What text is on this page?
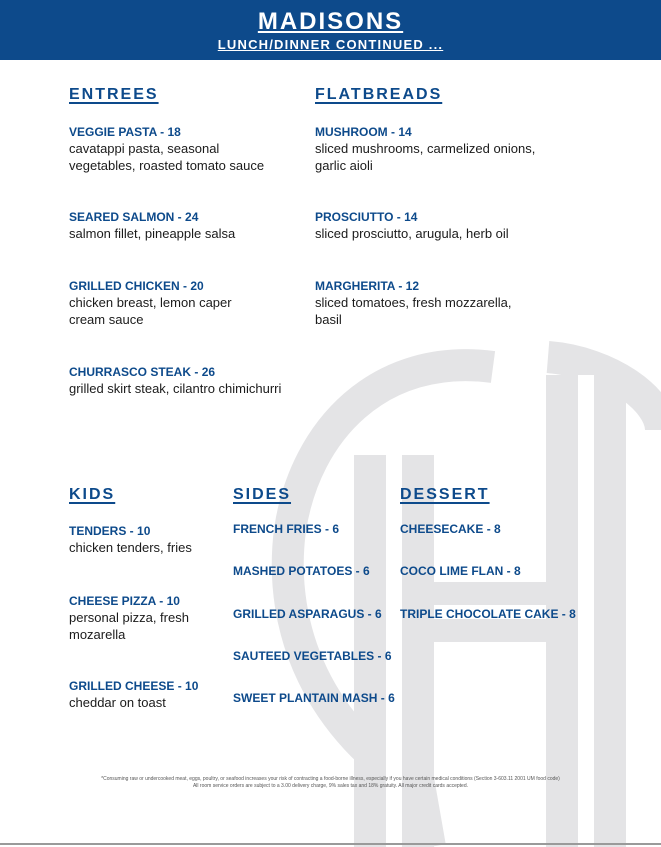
MADISONS
LUNCH/DINNER CONTINUED ...
ENTREES
VEGGIE PASTA - 18
cavatappi pasta, seasonal
vegetables, roasted tomato sauce
SEARED SALMON - 24
salmon fillet, pineapple salsa
GRILLED CHICKEN - 20
chicken breast, lemon caper
cream sauce
CHURRASCO STEAK - 26
grilled skirt steak, cilantro chimichurri
FLATBREADS
MUSHROOM - 14
sliced mushrooms, carmelized onions,
garlic aioli
PROSCIUTTO - 14
sliced prosciutto, arugula, herb oil
MARGHERITA - 12
sliced tomatoes, fresh mozzarella,
basil
KIDS
TENDERS - 10
chicken tenders, fries
CHEESE PIZZA - 10
personal pizza, fresh
mozarella
GRILLED CHEESE - 10
cheddar on toast
SIDES
FRENCH FRIES - 6
MASHED POTATOES - 6
GRILLED ASPARAGUS - 6
SAUTEED VEGETABLES - 6
SWEET PLANTAIN MASH - 6
DESSERT
CHEESECAKE - 8
COCO LIME FLAN - 8
TRIPLE CHOCOLATE CAKE - 8
*Consuming raw or undercooked meat, eggs, poultry, or seafood increases your risk of contracting a food-borne illness, especially if you have certain medical conditions (Section 3-603.11 2001 UM food code)
All room service orders are subject to a 3.00 delivery charge, 9% sales tax and 18% gratuity. All major credit cards accepted.
